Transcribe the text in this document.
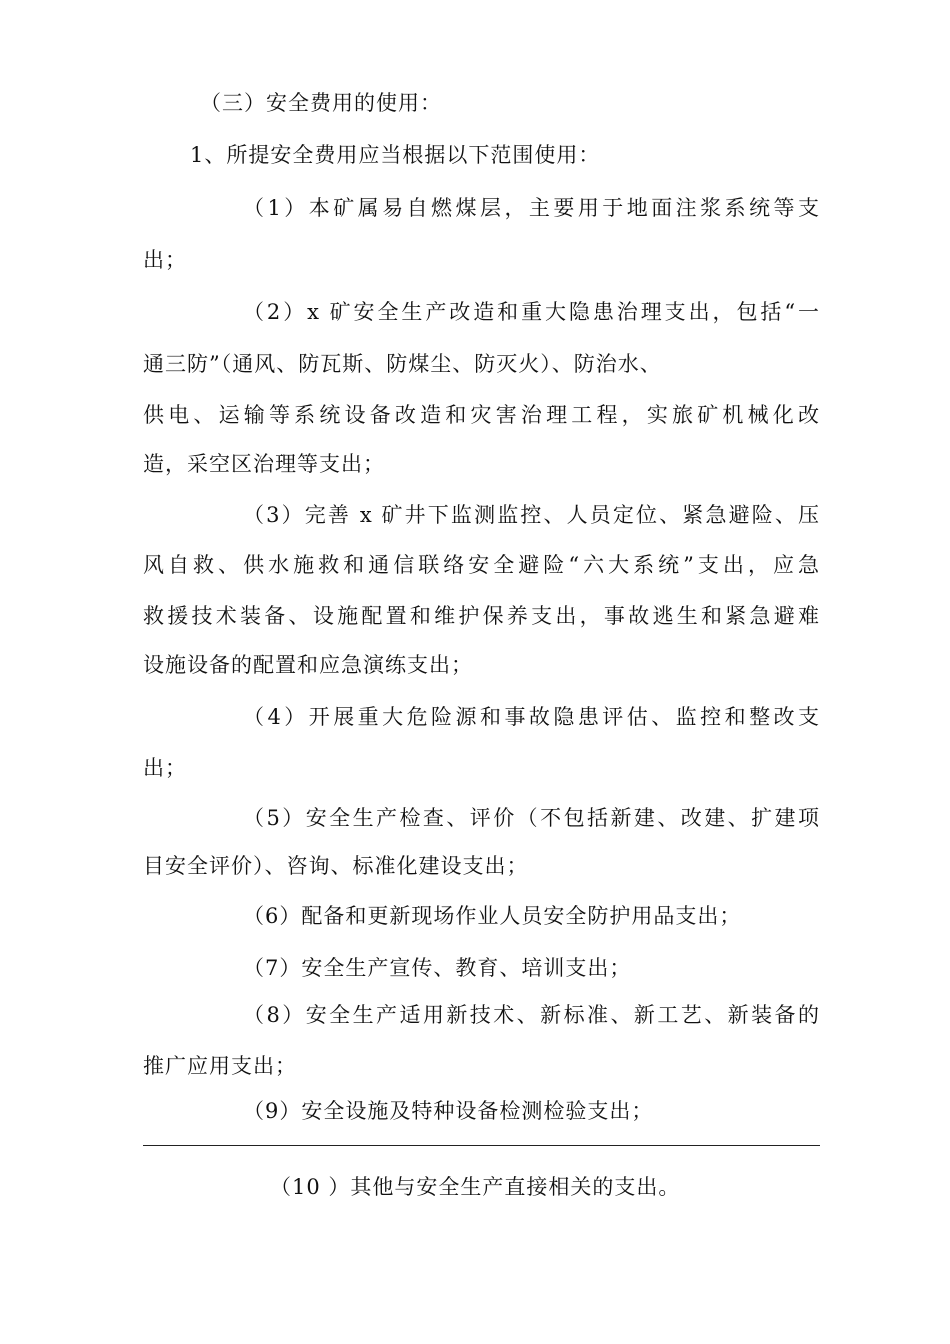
（三）安全费用的使用：
1、所提安全费用应当根据以下范围使用：
（1）本矿属易自燃煤层，主要用于地面注浆系统等支
出；
（2）x 矿安全生产改造和重大隐患治理支出，包括“一
通三防”（通风、防瓦斯、防煤尘、防灭火）、防治水、
供电、运输等系统设备改造和灾害治理工程，实旅矿机械化改
造，采空区治理等支出；
（3）完善 x 矿井下监测监控、人员定位、紧急避险、压
风自救、供水施救和通信联络安全避险“六大系统”支出，应急
救援技术装备、设施配置和维护保养支出，事故逃生和紧急避难
设施设备的配置和应急演练支出；
（4）开展重大危险源和事故隐患评估、监控和整改支
出；
（5）安全生产检查、评价（不包括新建、改建、扩建项
目安全评价）、咨询、标准化建设支出；
（6）配备和更新现场作业人员安全防护用品支出；
（7）安全生产宣传、教育、培训支出；
（8）安全生产适用新技术、新标准、新工艺、新装备的
推广应用支出；
（9）安全设施及特种设备检测检验支出；
（10 ）其他与安全生产直接相关的支出。
